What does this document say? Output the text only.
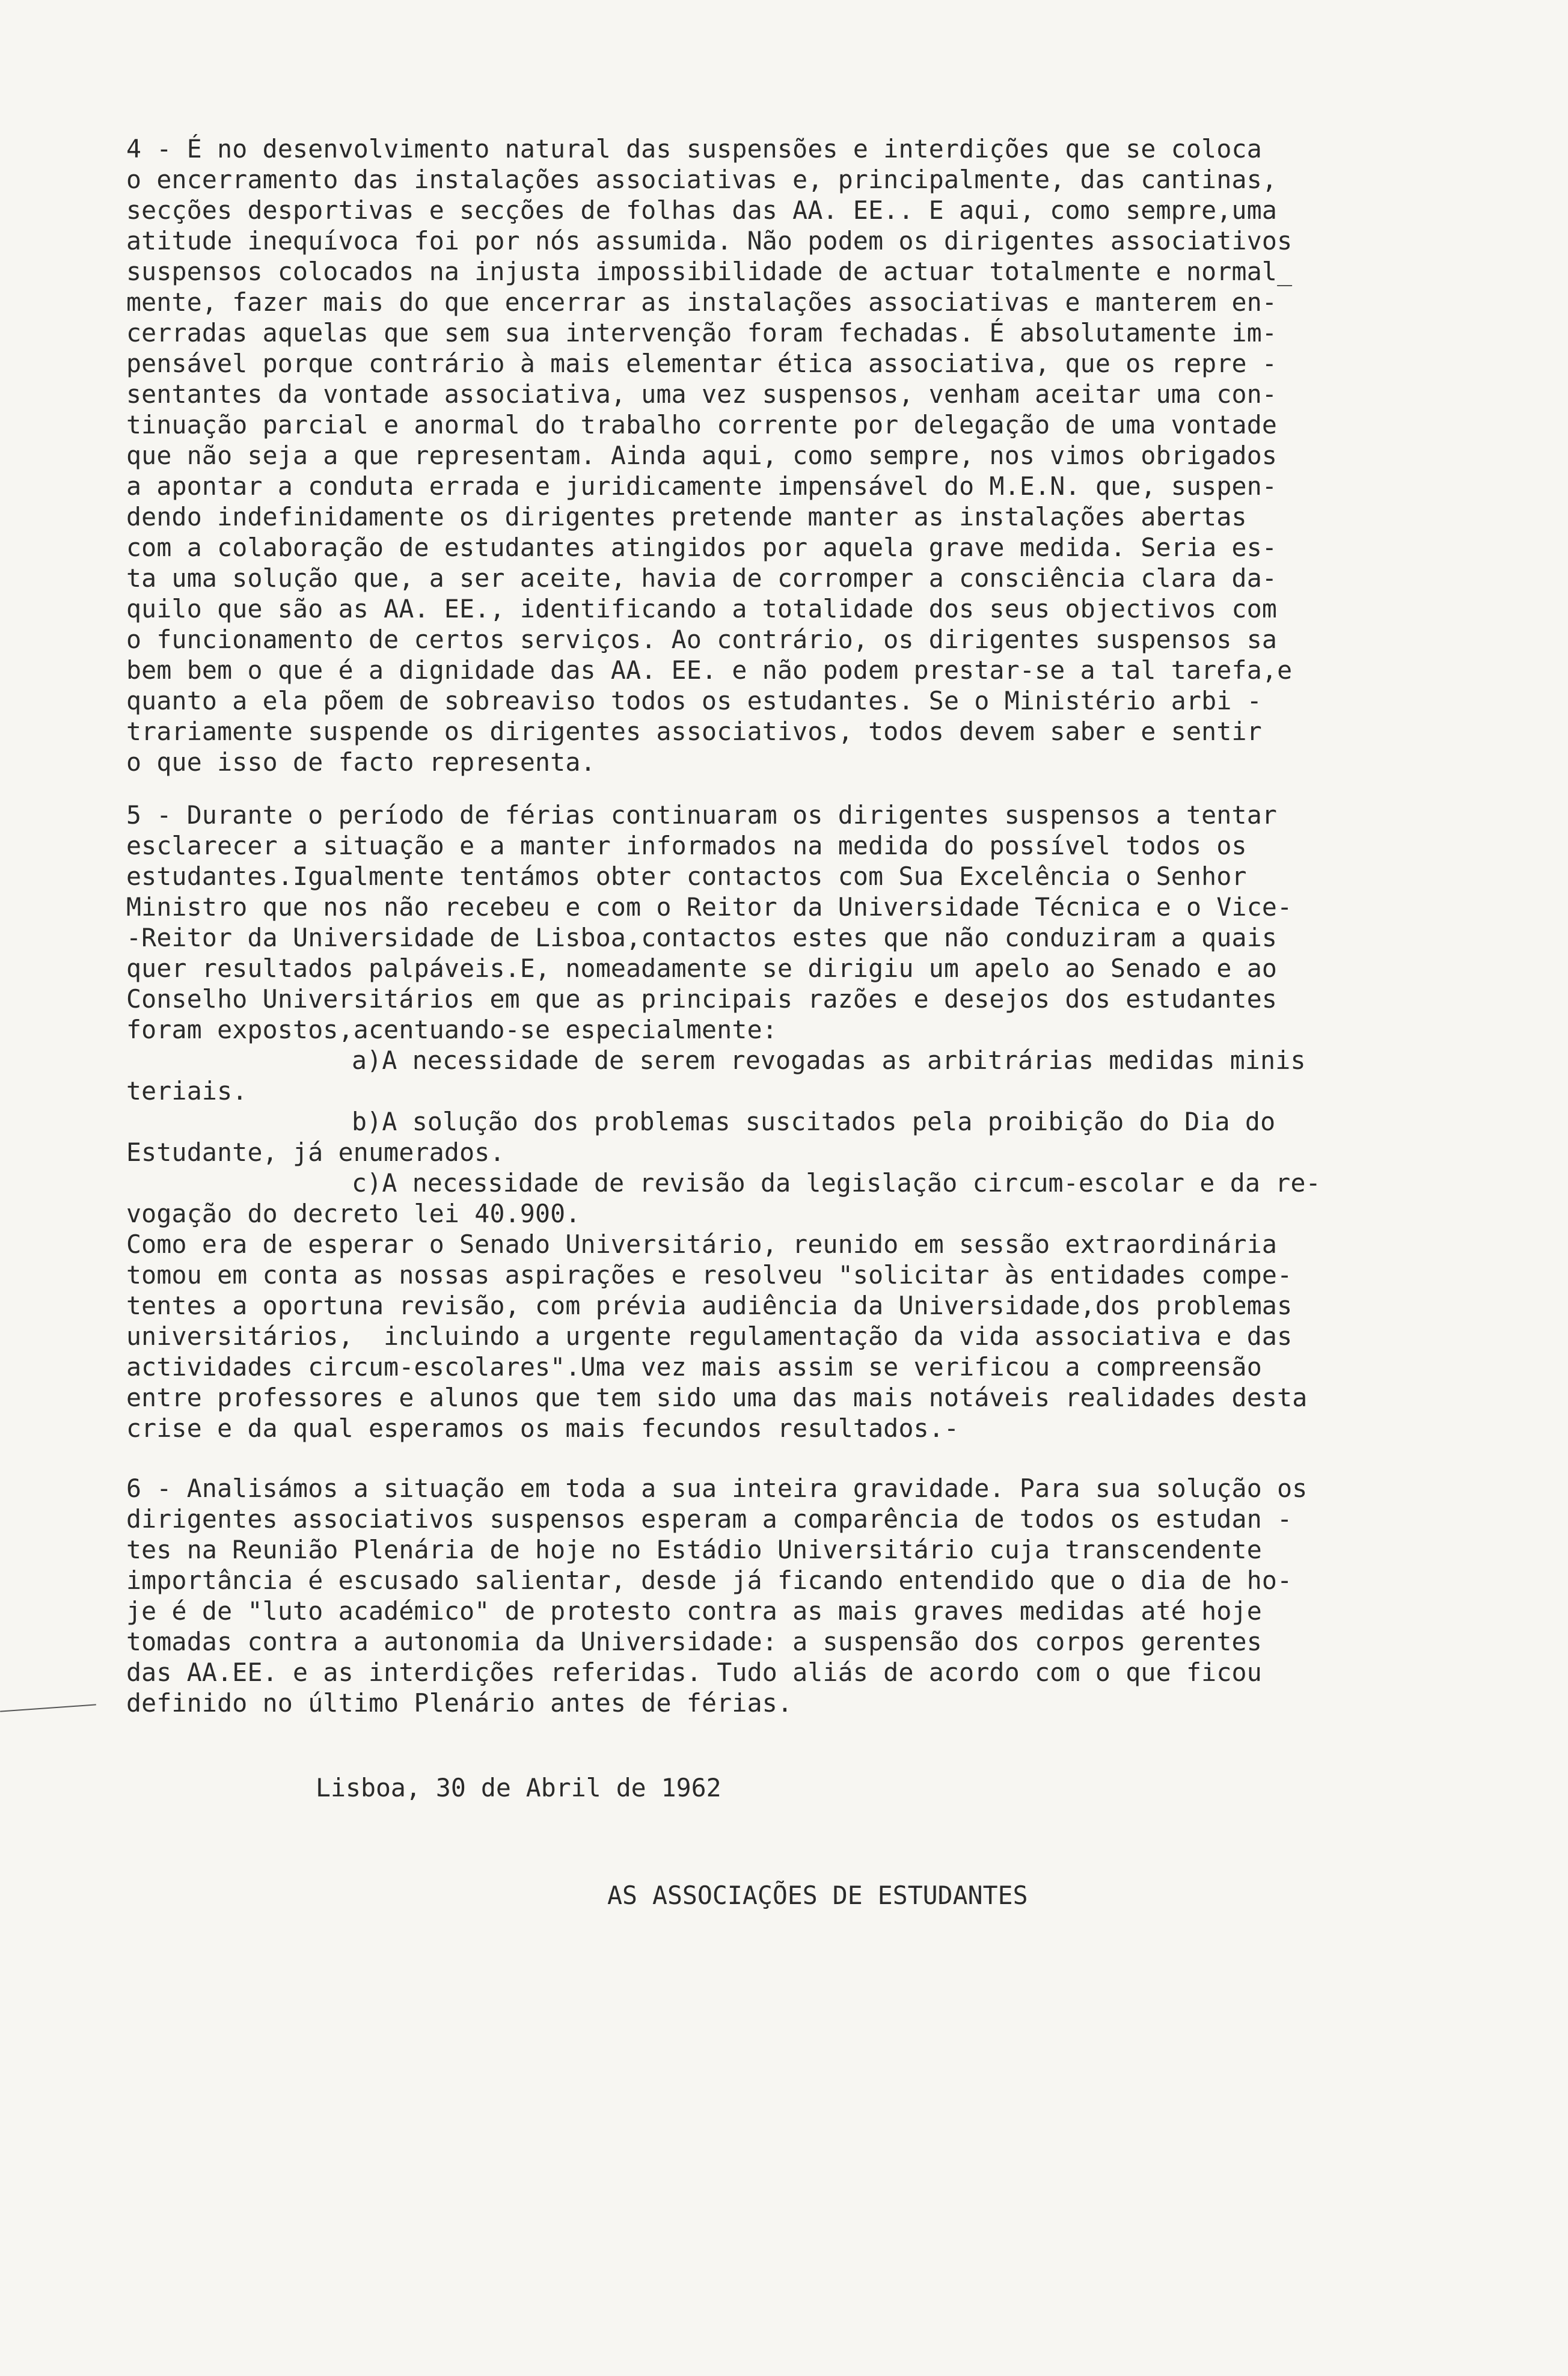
4 - É no desenvolvimento natural das suspensões e interdições que se coloca
o encerramento das instalações associativas e, principalmente, das cantinas,
secções desportivas e secções de folhas das AA. EE.. E aqui, como sempre,uma
atitude inequívoca foi por nós assumida. Não podem os dirigentes associativos
suspensos colocados na injusta impossibilidade de actuar totalmente e normal_
mente, fazer mais do que encerrar as instalações associativas e manterem en-
cerradas aquelas que sem sua intervenção foram fechadas. É absolutamente im-
pensável porque contrário à mais elementar ética associativa, que os repre -
sentantes da vontade associativa, uma vez suspensos, venham aceitar uma con-
tinuação parcial e anormal do trabalho corrente por delegação de uma vontade
que não seja a que representam. Ainda aqui, como sempre, nos vimos obrigados
a apontar a conduta errada e juridicamente impensável do M.E.N. que, suspen-
dendo indefinidamente os dirigentes pretende manter as instalações abertas
com a colaboração de estudantes atingidos por aquela grave medida. Seria es-
ta uma solução que, a ser aceite, havia de corromper a consciência clara da-
quilo que são as AA. EE., identificando a totalidade dos seus objectivos com
o funcionamento de certos serviços. Ao contrário, os dirigentes suspensos sa
bem bem o que é a dignidade das AA. EE. e não podem prestar-se a tal tarefa,e
quanto a ela põem de sobreaviso todos os estudantes. Se o Ministério arbi -
trariamente suspende os dirigentes associativos, todos devem saber e sentir
o que isso de facto representa.
5 - Durante o período de férias continuaram os dirigentes suspensos a tentar
esclarecer a situação e a manter informados na medida do possível todos os
estudantes.Igualmente tentámos obter contactos com Sua Excelência o Senhor
Ministro que nos não recebeu e com o Reitor da Universidade Técnica e o Vice-
-Reitor da Universidade de Lisboa,contactos estes que não conduziram a quais
quer resultados palpáveis.E, nomeadamente se dirigiu um apelo ao Senado e ao
Conselho Universitários em que as principais razões e desejos dos estudantes
foram expostos,acentuando-se especialmente:
a)A necessidade de serem revogadas as arbitrárias medidas minis
teriais.
b)A solução dos problemas suscitados pela proibição do Dia do
Estudante, já enumerados.
c)A necessidade de revisão da legislação circum-escolar e da re-
vogação do decreto lei 40.900.
Como era de esperar o Senado Universitário, reunido em sessão extraordinária
tomou em conta as nossas aspirações e resolveu "solicitar às entidades compe-
tentes a oportuna revisão, com prévia audiência da Universidade,dos problemas
universitários,  incluindo a urgente regulamentação da vida associativa e das
actividades circum-escolares".Uma vez mais assim se verificou a compreensão
entre professores e alunos que tem sido uma das mais notáveis realidades desta
crise e da qual esperamos os mais fecundos resultados.-
6 - Analisámos a situação em toda a sua inteira gravidade. Para sua solução os
dirigentes associativos suspensos esperam a comparência de todos os estudan -
tes na Reunião Plenária de hoje no Estádio Universitário cuja transcendente
importância é escusado salientar, desde já ficando entendido que o dia de ho-
je é de "luto académico" de protesto contra as mais graves medidas até hoje
tomadas contra a autonomia da Universidade: a suspensão dos corpos gerentes
das AA.EE. e as interdições referidas. Tudo aliás de acordo com o que ficou
definido no último Plenário antes de férias.
Lisboa, 30 de Abril de 1962
AS ASSOCIAÇÕES DE ESTUDANTES
